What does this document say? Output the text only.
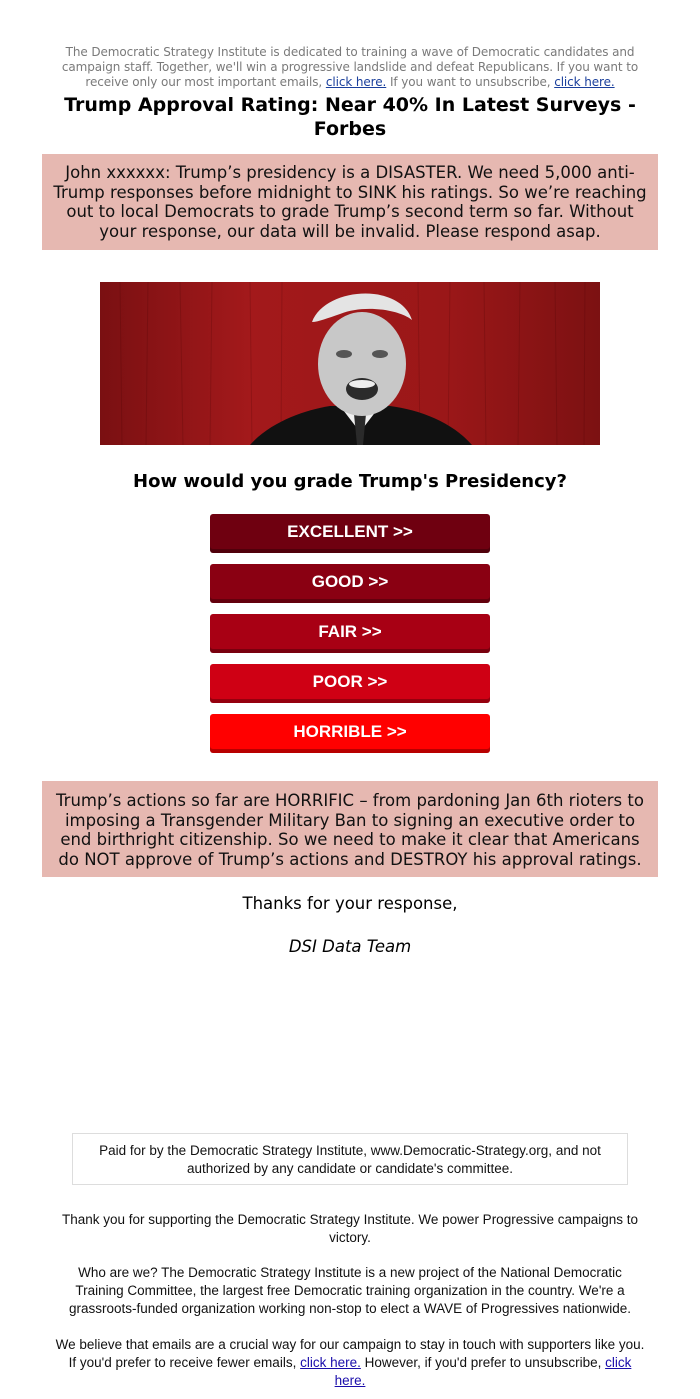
The Democratic Strategy Institute is dedicated to training a wave of Democratic candidates and campaign staff. Together, we'll win a progressive landslide and defeat Republicans. If you want to receive only our most important emails, click here. If you want to unsubscribe, click here.
Trump Approval Rating: Near 40% In Latest Surveys - Forbes
John xxxxxx: Trump’s presidency is a DISASTER. We need 5,000 anti-Trump responses before midnight to SINK his ratings. So we’re reaching out to local Democrats to grade Trump’s second term so far. Without your response, our data will be invalid. Please respond asap.
How would you grade Trump's Presidency?
EXCELLENT >>
GOOD >>
FAIR >>
POOR >>
HORRIBLE >>
Trump’s actions so far are HORRIFIC – from pardoning Jan 6th rioters to imposing a Transgender Military Ban to signing an executive order to end birthright citizenship. So we need to make it clear that Americans do NOT approve of Trump’s actions and DESTROY his approval ratings.
Thanks for your response,
DSI Data Team
Paid for by the Democratic Strategy Institute, www.Democratic-Strategy.org, and not authorized by any candidate or candidate's committee.
Thank you for supporting the Democratic Strategy Institute. We power Progressive campaigns to victory.
Who are we? The Democratic Strategy Institute is a new project of the National Democratic Training Committee, the largest free Democratic training organization in the country. We're a grassroots-funded organization working non-stop to elect a WAVE of Progressives nationwide.
We believe that emails are a crucial way for our campaign to stay in touch with supporters like you. If you'd prefer to receive fewer emails, click here. However, if you'd prefer to unsubscribe, click here.
